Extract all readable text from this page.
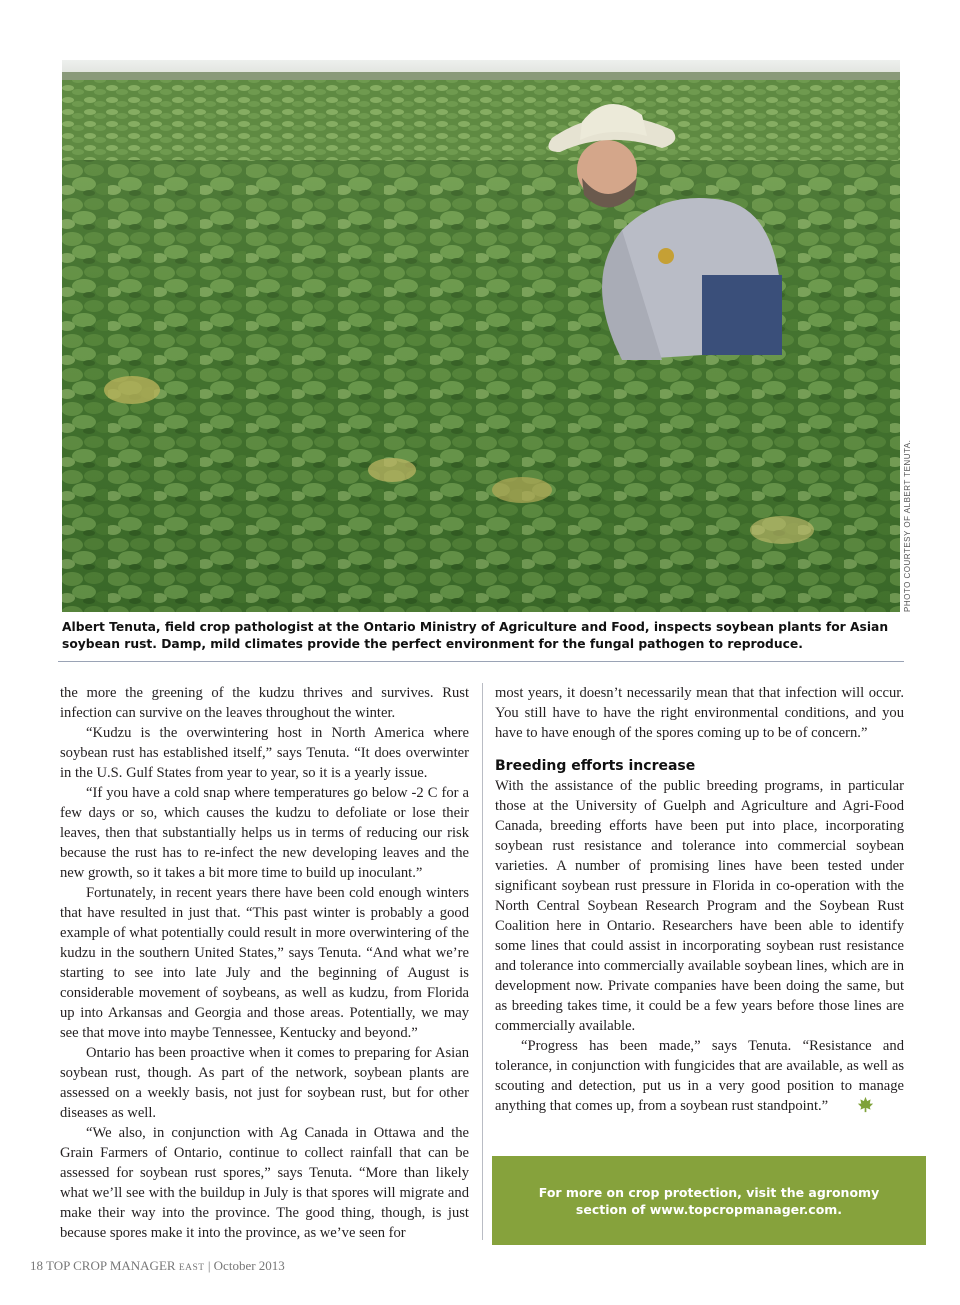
PHOTO COURTESY OF ALBERT TENUTA.
Albert Tenuta, field crop pathologist at the Ontario Ministry of Agriculture and Food, inspects soybean plants for Asian soybean rust. Damp, mild climates provide the perfect environment for the fungal pathogen to reproduce.

the more the greening of the kudzu thrives and survives. Rust infection can survive on the leaves throughout the winter.

“Kudzu is the overwintering host in North America where soybean rust has established itself,” says Tenuta. “It does overwinter in the U.S. Gulf States from year to year, so it is a yearly issue.

“If you have a cold snap where temperatures go below -2 C for a few days or so, which causes the kudzu to defoliate or lose their leaves, then that substantially helps us in terms of reducing our risk because the rust has to re-infect the new developing leaves and the new growth, so it takes a bit more time to build up inoculant.”

Fortunately, in recent years there have been cold enough winters that have resulted in just that. “This past winter is probably a good example of what potentially could result in more overwintering of the kudzu in the southern United States,” says Tenuta. “And what we’re starting to see into late July and the beginning of August is considerable movement of soybeans, as well as kudzu, from Florida up into Arkansas and Georgia and those areas. Potentially, we may see that move into maybe Tennessee, Kentucky and beyond.”

Ontario has been proactive when it comes to preparing for Asian soybean rust, though. As part of the network, soybean plants are assessed on a weekly basis, not just for soybean rust, but for other diseases as well.

“We also, in conjunction with Ag Canada in Ottawa and the Grain Farmers of Ontario, continue to collect rainfall that can be assessed for soybean rust spores,” says Tenuta. “More than likely what we’ll see with the buildup in July is that spores will migrate and make their way into the province. The good thing, though, is just because spores make it into the province, as we’ve seen for

most years, it doesn’t necessarily mean that that infection will occur. You still have to have the right environmental conditions, and you have to have enough of the spores coming up to be of concern.”

Breeding efforts increase

With the assistance of the public breeding programs, in particular those at the University of Guelph and Agriculture and Agri-Food Canada, breeding efforts have been put into place, incorporating soybean rust resistance and tolerance into commercial soybean varieties. A number of promising lines have been tested under significant soybean rust pressure in Florida in co-operation with the North Central Soybean Research Program and the Soybean Rust Coalition here in Ontario. Researchers have been able to identify some lines that could assist in incorporating soybean rust resistance and tolerance into commercially available soybean lines, which are in development now. Private companies have been doing the same, but as breeding takes time, it could be a few years before those lines are commercially available.

“Progress has been made,” says Tenuta. “Resistance and tolerance, in conjunction with fungicides that are available, as well as scouting and detection, put us in a very good position to manage anything that comes up, from a soybean rust standpoint.”

For more on crop protection, visit the agronomy section of www.topcropmanager.com.
18 TOP CROP MANAGER EAST | October 2013
